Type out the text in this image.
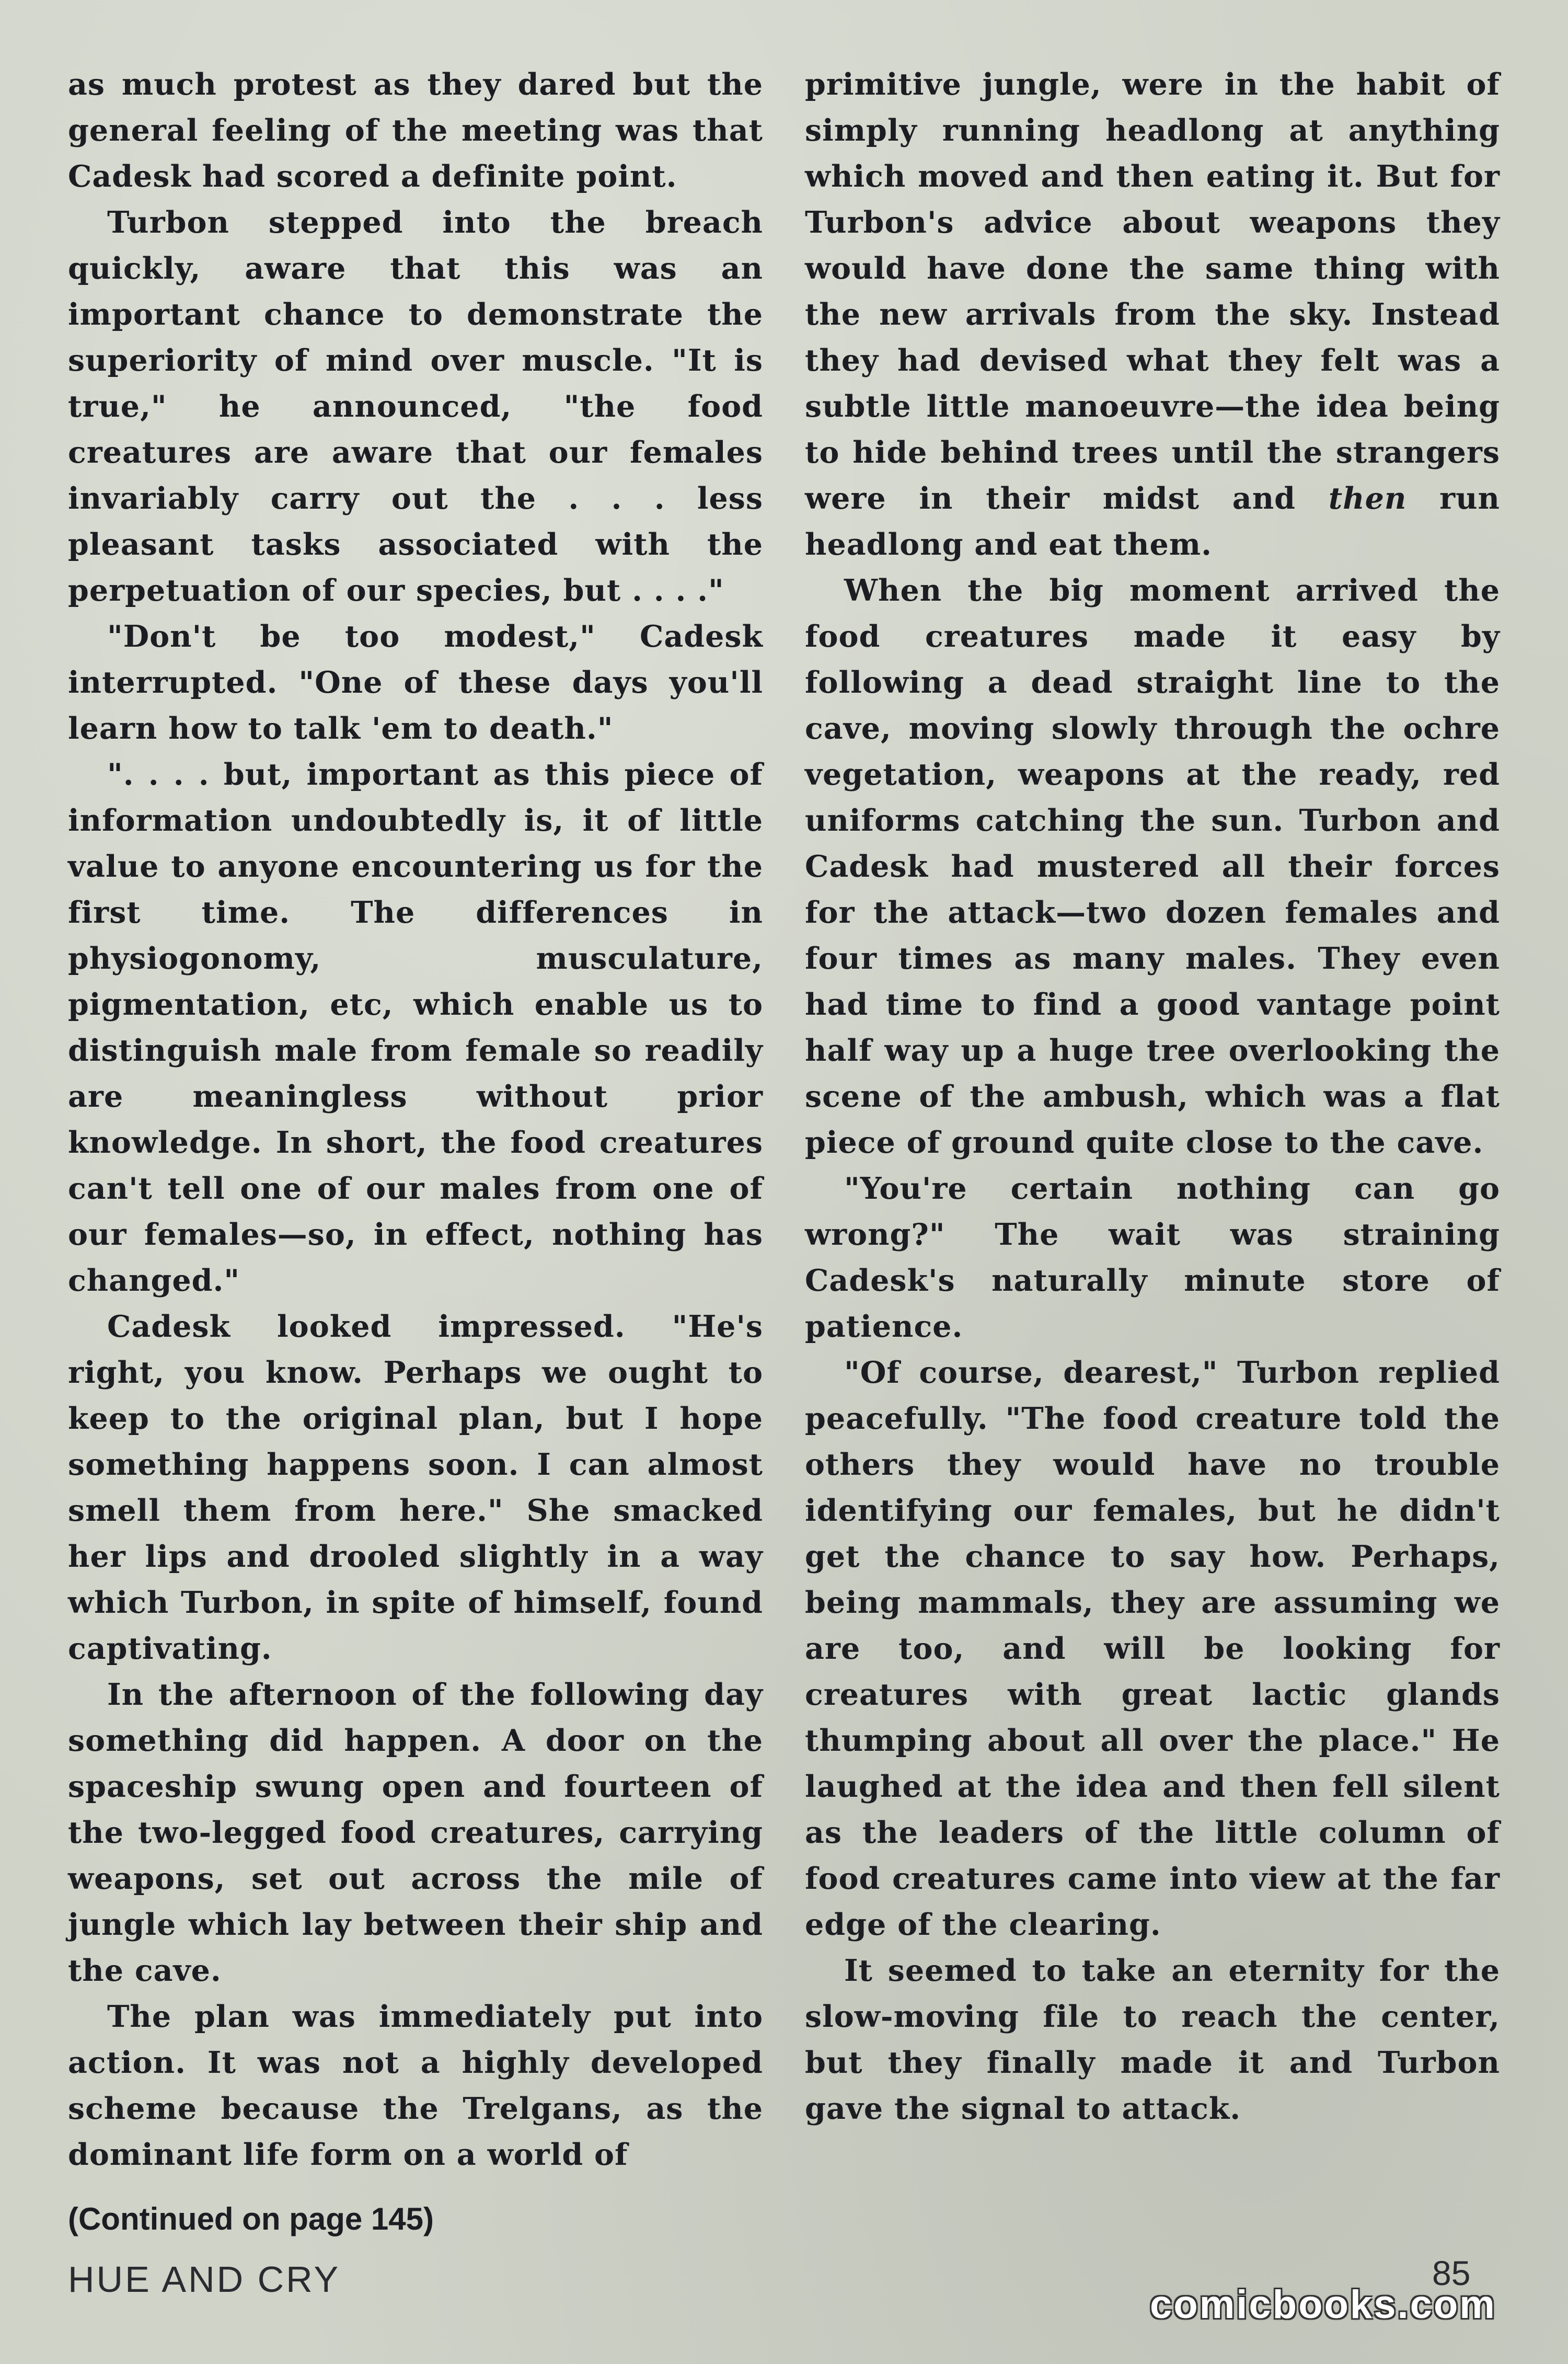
as much protest as they dared but the general feeling of the meeting was that Cadesk had scored a definite point.

Turbon stepped into the breach quickly, aware that this was an important chance to demonstrate the superiority of mind over muscle. "It is true," he announced, "the food creatures are aware that our females invariably carry out the . . . less pleasant tasks associated with the perpetuation of our species, but . . . ."

"Don't be too modest," Cadesk interrupted. "One of these days you'll learn how to talk 'em to death."

". . . . but, important as this piece of information undoubtedly is, it of little value to anyone encountering us for the first time. The differences in physiogonomy, musculature, pigmentation, etc, which enable us to distinguish male from female so readily are meaningless without prior knowledge. In short, the food creatures can't tell one of our males from one of our females—so, in effect, nothing has changed."

Cadesk looked impressed. "He's right, you know. Perhaps we ought to keep to the original plan, but I hope something happens soon. I can almost smell them from here." She smacked her lips and drooled slightly in a way which Turbon, in spite of himself, found captivating.

In the afternoon of the following day something did happen. A door on the spaceship swung open and fourteen of the two-legged food creatures, carrying weapons, set out across the mile of jungle which lay between their ship and the cave.

The plan was immediately put into action. It was not a highly developed scheme because the Trelgans, as the dominant life form on a world of

primitive jungle, were in the habit of simply running headlong at anything which moved and then eating it. But for Turbon's advice about weapons they would have done the same thing with the new arrivals from the sky. Instead they had devised what they felt was a subtle little manoeuvre—the idea being to hide behind trees until the strangers were in their midst and then run headlong and eat them.

When the big moment arrived the food creatures made it easy by following a dead straight line to the cave, moving slowly through the ochre vegetation, weapons at the ready, red uniforms catching the sun. Turbon and Cadesk had mustered all their forces for the attack—two dozen females and four times as many males. They even had time to find a good vantage point half way up a huge tree overlooking the scene of the ambush, which was a flat piece of ground quite close to the cave.

"You're certain nothing can go wrong?" The wait was straining Cadesk's naturally minute store of patience.

"Of course, dearest," Turbon replied peacefully. "The food creature told the others they would have no trouble identifying our females, but he didn't get the chance to say how. Perhaps, being mammals, they are assuming we are too, and will be looking for creatures with great lactic glands thumping about all over the place." He laughed at the idea and then fell silent as the leaders of the little column of food creatures came into view at the far edge of the clearing.

It seemed to take an eternity for the slow-moving file to reach the center, but they finally made it and Turbon gave the signal to attack.

(Continued on page 145)
HUE AND CRY	85
comicbooks.com
